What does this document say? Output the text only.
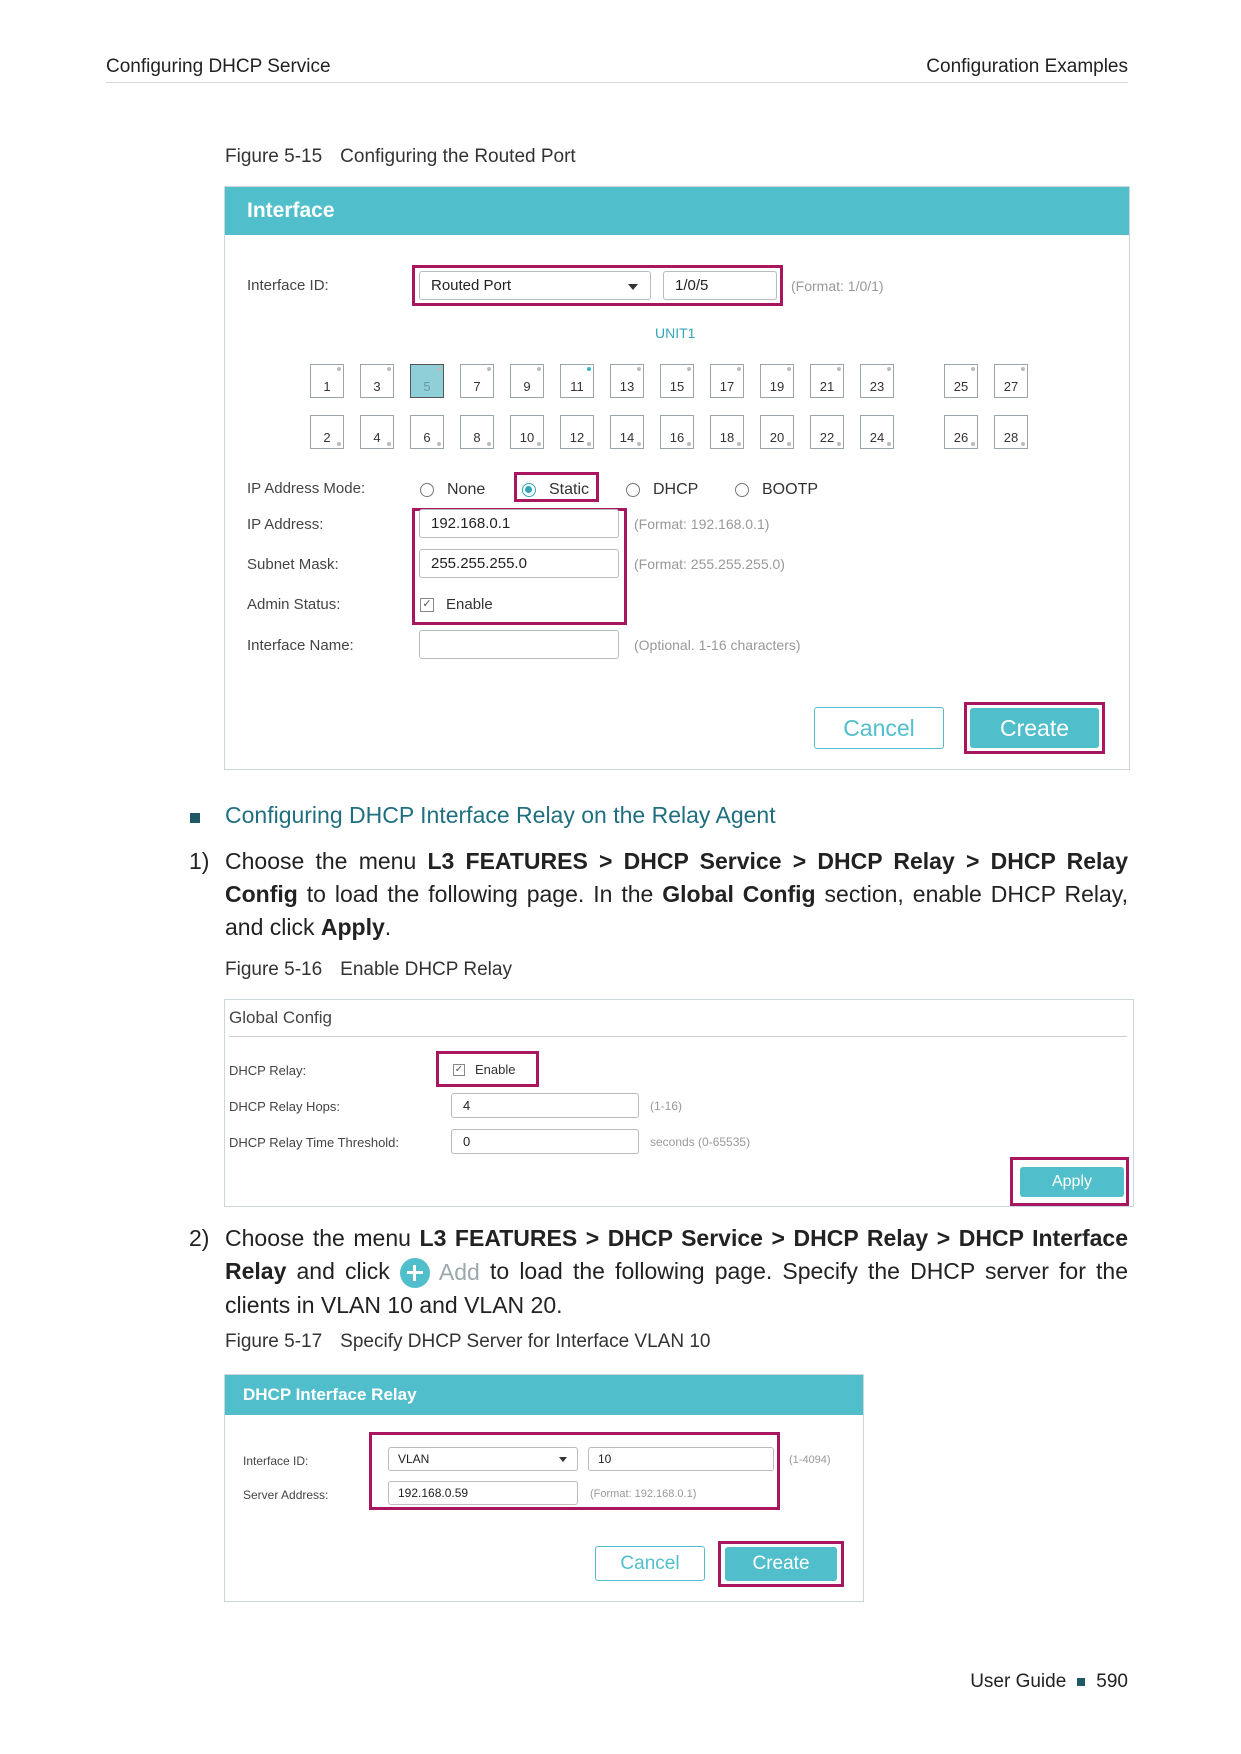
Configuring DHCP Service	Configuration Examples
Figure 5-15 Configuring the Routed Port
Interface
Interface ID:	Routed Port	1/0/5	(Format: 1/0/1)
UNIT1
1	3	5	7	9	11	13	15	17	19	21	23	25	27
2	4	6	8	10	12	14	16	18	20	22	24	26	28
IP Address Mode:	None	Static	DHCP	BOOTP
IP Address:	192.168.0.1	(Format: 192.168.0.1)
Subnet Mask:	255.255.255.0	(Format: 255.255.255.0)
Admin Status:	✓ Enable
Interface Name:	(Optional. 1-16 characters)
Cancel	Create
Configuring DHCP Interface Relay on the Relay Agent
1) Choose the menu L3 FEATURES > DHCP Service > DHCP Relay > DHCP Relay Config to load the following page. In the Global Config section, enable DHCP Relay, and click Apply.
Figure 5-16 Enable DHCP Relay
Global Config
DHCP Relay:	✓ Enable
DHCP Relay Hops:	4	(1-16)
DHCP Relay Time Threshold:	0	seconds (0-65535)
Apply
2) Choose the menu L3 FEATURES > DHCP Service > DHCP Relay > DHCP Interface Relay and click Add to load the following page. Specify the DHCP server for the clients in VLAN 10 and VLAN 20.
Figure 5-17 Specify DHCP Server for Interface VLAN 10
DHCP Interface Relay
Interface ID:	VLAN	10	(1-4094)
Server Address:	192.168.0.59	(Format: 192.168.0.1)
Cancel	Create
User Guide 590
